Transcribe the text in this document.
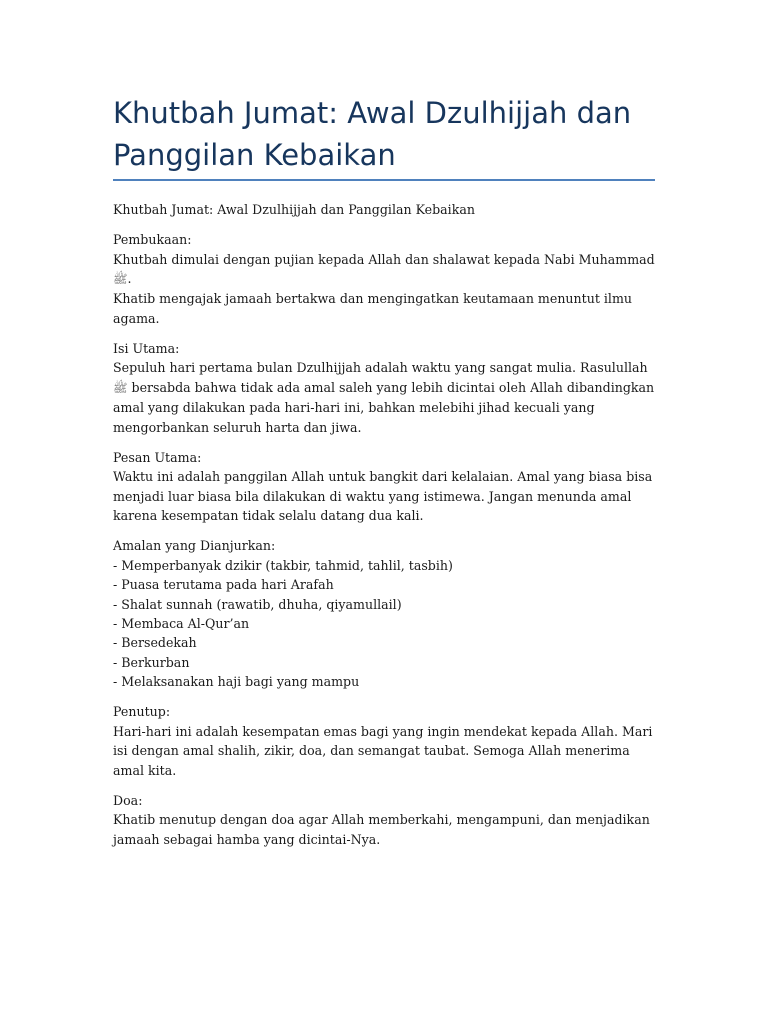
Khutbah Jumat: Awal Dzulhijjah dan Panggilan Kebaikan

Khutbah Jumat: Awal Dzulhijjah dan Panggilan Kebaikan

Pembukaan:
Khutbah dimulai dengan pujian kepada Allah dan shalawat kepada Nabi Muhammad ﷺ.
Khatib mengajak jamaah bertakwa dan mengingatkan keutamaan menuntut ilmu agama.

Isi Utama:
Sepuluh hari pertama bulan Dzulhijjah adalah waktu yang sangat mulia. Rasulullah ﷺ bersabda bahwa tidak ada amal saleh yang lebih dicintai oleh Allah dibandingkan amal yang dilakukan pada hari-hari ini, bahkan melebihi jihad kecuali yang mengorbankan seluruh harta dan jiwa.

Pesan Utama:
Waktu ini adalah panggilan Allah untuk bangkit dari kelalaian. Amal yang biasa bisa menjadi luar biasa bila dilakukan di waktu yang istimewa. Jangan menunda amal karena kesempatan tidak selalu datang dua kali.

Amalan yang Dianjurkan:
- Memperbanyak dzikir (takbir, tahmid, tahlil, tasbih)
- Puasa terutama pada hari Arafah
- Shalat sunnah (rawatib, dhuha, qiyamullail)
- Membaca Al-Qur’an
- Bersedekah
- Berkurban
- Melaksanakan haji bagi yang mampu

Penutup:
Hari-hari ini adalah kesempatan emas bagi yang ingin mendekat kepada Allah. Mari isi dengan amal shalih, zikir, doa, dan semangat taubat. Semoga Allah menerima amal kita.

Doa:
Khatib menutup dengan doa agar Allah memberkahi, mengampuni, dan menjadikan jamaah sebagai hamba yang dicintai-Nya.
